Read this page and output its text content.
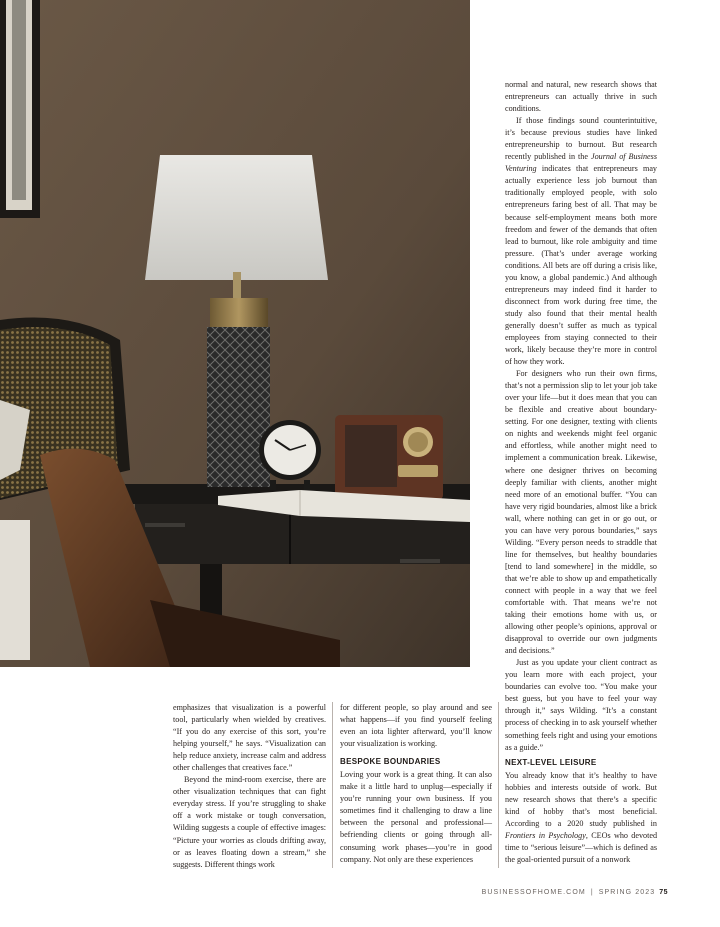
normal and natural, new research shows that entrepreneurs can actually thrive in such conditions.

If those findings sound counterintuitive, it’s because previous studies have linked entrepreneurship to burnout. But research recently published in the Journal of Business Venturing indicates that entrepreneurs may actually experience less job burnout than traditionally employed people, with solo entrepreneurs faring best of all. That may be because self-employment means both more freedom and fewer of the demands that often lead to burnout, like role ambiguity and time pressure. (That’s under average working conditions. All bets are off during a crisis like, you know, a global pandemic.) And although entrepreneurs may indeed find it harder to disconnect from work during free time, the study also found that their mental health generally doesn’t suffer as much as typical employees from staying connected to their work, likely because they’re more in control of how they work.

For designers who run their own firms, that’s not a permission slip to let your job take over your life—but it does mean that you can be flexible and creative about boundary-setting. For one designer, texting with clients on nights and weekends might feel organic and effortless, while another might need to implement a communication break. Likewise, where one designer thrives on becoming deeply familiar with clients, another might need more of an emotional buffer. “You can have very rigid boundaries, almost like a brick wall, where nothing can get in or go out, or you can have very porous boundaries,” says Wilding. “Every person needs to straddle that line for themselves, but healthy boundaries [tend to land somewhere] in the middle, so that we’re able to show up and empathetically connect with people in a way that we feel comfortable with. That means we’re not taking their emotions home with us, or allowing other people’s opinions, approval or disapproval to override our own judgments and decisions.”

Just as you update your client contract as you learn more with each project, your boundaries can evolve too. “You make your best guess, but you have to feel your way through it,” says Wilding. “It’s a constant process of checking in to ask yourself whether something feels right and using your emotions as a guide.”

emphasizes that visualization is a powerful tool, particularly when wielded by creatives. “If you do any exercise of this sort, you’re helping yourself,” he says. “Visualization can help reduce anxiety, increase calm and address other challenges that creatives face.”

Beyond the mind-room exercise, there are other visualization techniques that can fight everyday stress. If you’re struggling to shake off a work mistake or tough conversation, Wilding suggests a couple of effective images: “Picture your worries as clouds drifting away, or as leaves floating down a stream,” she suggests. Different things work

for different people, so play around and see what happens—if you find yourself feeling even an iota lighter afterward, you’ll know your visualization is working.

BESPOKE BOUNDARIES

Loving your work is a great thing. It can also make it a little hard to unplug—especially if you’re running your own business. If you sometimes find it challenging to draw a line between the personal and professional—befriending clients or going through all-consuming work phases—you’re in good company. Not only are these experiences

NEXT-LEVEL LEISURE

You already know that it’s healthy to have hobbies and interests outside of work. But new research shows that there’s a specific kind of hobby that’s most beneficial. According to a 2020 study published in Frontiers in Psychology, CEOs who devoted time to “serious leisure”—which is defined as the goal-oriented pursuit of a nonwork

BUSINESSOFHOME.COM | SPRING 2023 75
